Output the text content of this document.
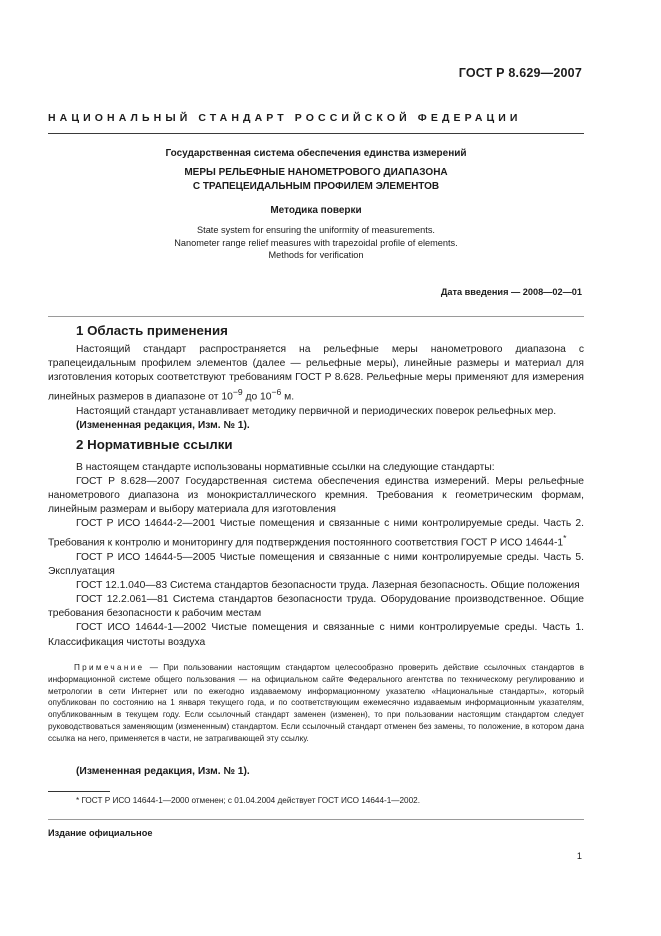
ГОСТ Р 8.629—2007
НАЦИОНАЛЬНЫЙ СТАНДАРТ РОССИЙСКОЙ ФЕДЕРАЦИИ
Государственная система обеспечения единства измерений
МЕРЫ РЕЛЬЕФНЫЕ НАНОМЕТРОВОГО ДИАПАЗОНА
С ТРАПЕЦЕИДАЛЬНЫМ ПРОФИЛЕМ ЭЛЕМЕНТОВ
Методика поверки
State system for ensuring the uniformity of measurements.
Nanometer range relief measures with trapezoidal profile of elements.
Methods for verification
Дата введения — 2008—02—01
1 Область применения

Настоящий стандарт распространяется на рельефные меры нанометрового диапазона с трапецеидальным профилем элементов (далее — рельефные меры), линейные размеры и материал для изготовления которых соответствуют требованиям ГОСТ Р 8.628. Рельефные меры применяют для измерения линейных размеров в диапазоне от $10^{-9}$ до $10^{-6}$ м.

Настоящий стандарт устанавливает методику первичной и периодических поверок рельефных мер.

(Измененная редакция, Изм. № 1).

2 Нормативные ссылки

В настоящем стандарте использованы нормативные ссылки на следующие стандарты:

ГОСТ Р 8.628—2007 Государственная система обеспечения единства измерений. Меры рельефные нанометрового диапазона из монокристаллического кремния. Требования к геометрическим формам, линейным размерам и выбору материала для изготовления

ГОСТ Р ИСО 14644-2—2001 Чистые помещения и связанные с ними контролируемые среды. Часть 2. Требования к контролю и мониторингу для подтверждения постоянного соответствия ГОСТ Р ИСО 14644-1*

ГОСТ Р ИСО 14644-5—2005 Чистые помещения и связанные с ними контролируемые среды. Часть 5. Эксплуатация

ГОСТ 12.1.040—83 Система стандартов безопасности труда. Лазерная безопасность. Общие положения

ГОСТ 12.2.061—81 Система стандартов безопасности труда. Оборудование производственное. Общие требования безопасности к рабочим местам

ГОСТ ИСО 14644-1—2002 Чистые помещения и связанные с ними контролируемые среды. Часть 1. Классификация чистоты воздуха

Примечание — При пользовании настоящим стандартом целесообразно проверить действие ссылочных стандартов в информационной системе общего пользования — на официальном сайте Федерального агентства по техническому регулированию и метрологии в сети Интернет или по ежегодно издаваемому информационному указателю «Национальные стандарты», который опубликован по состоянию на 1 января текущего года, и по соответствующим ежемесячно издаваемым информационным указателям, опубликованным в текущем году. Если ссылочный стандарт заменен (изменен), то при пользовании настоящим стандартом следует руководствоваться заменяющим (измененным) стандартом. Если ссылочный стандарт отменен без замены, то положение, в котором дана ссылка на него, применяется в части, не затрагивающей эту ссылку.

(Измененная редакция, Изм. № 1).
* ГОСТ Р ИСО 14644-1—2000 отменен; с 01.04.2004 действует ГОСТ ИСО 14644-1—2002.
Издание официальное
1
